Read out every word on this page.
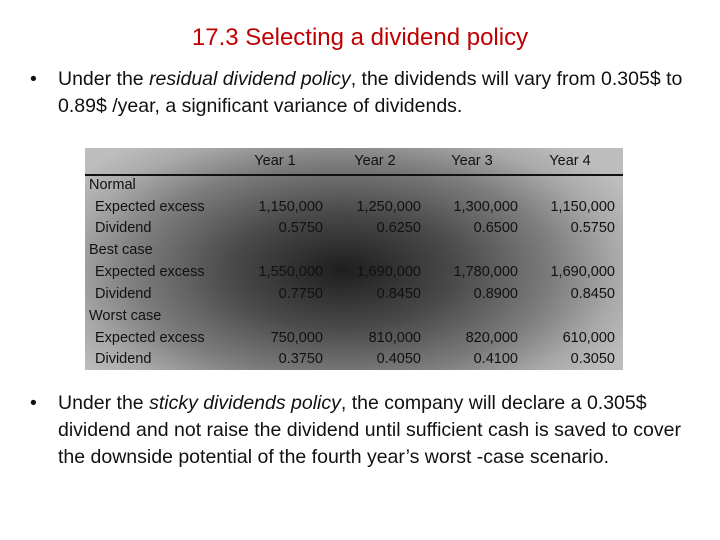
17.3 Selecting a dividend policy
• Under the residual dividend policy, the dividends will vary from 0.305$ to 0.89$ /year, a significant variance of dividends.
Year 1	Year 2	Year 3	Year 4
Normal
Expected excess	1,150,000	1,250,000	1,300,000	1,150,000
Dividend	0.5750	0.6250	0.6500	0.5750
Best case
Expected excess	1,550,000	1,690,000	1,780,000	1,690,000
Dividend	0.7750	0.8450	0.8900	0.8450
Worst case
Expected excess	750,000	810,000	820,000	610,000
Dividend	0.3750	0.4050	0.4100	0.3050
• Under the sticky dividends policy, the company will declare a 0.305$ dividend and not raise the dividend until sufficient cash is saved to cover the downside potential of the fourth year’s worst -case scenario.
